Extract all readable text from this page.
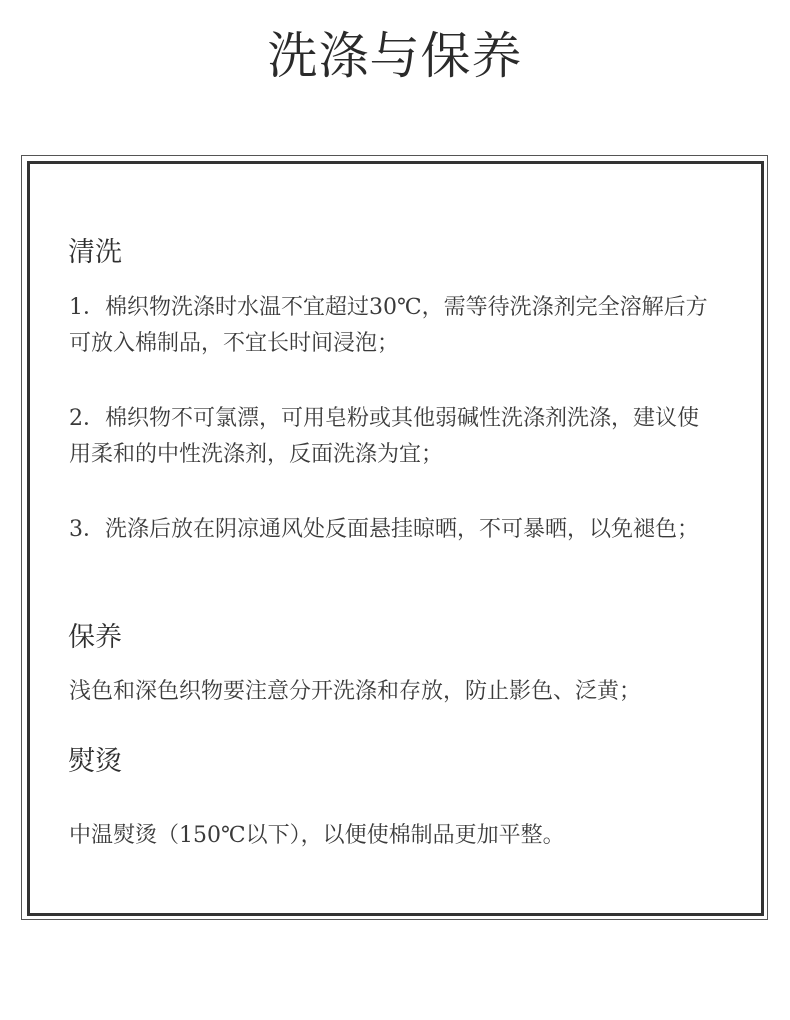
洗涤与保养
清洗

1．棉织物洗涤时水温不宜超过30℃，需等待洗涤剂完全溶解后方可放入棉制品，不宜长时间浸泡；

2．棉织物不可氯漂，可用皂粉或其他弱碱性洗涤剂洗涤，建议使用柔和的中性洗涤剂，反面洗涤为宜；

3．洗涤后放在阴凉通风处反面悬挂晾晒，不可暴晒，以免褪色；

保养

浅色和深色织物要注意分开洗涤和存放，防止影色、泛黄；

熨烫

中温熨烫（150℃以下），以便使棉制品更加平整。
